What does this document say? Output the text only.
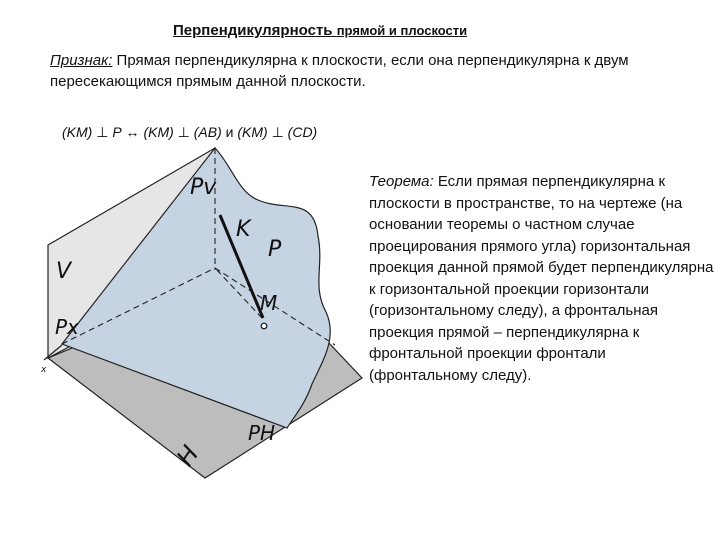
Pv
K
P
V
M
Px
x
PH
H
Перпендикулярность прямой и плоскости

Признак: Прямая перпендикулярна к плоскости, если она перпендикулярна к двум пересекающимся прямым данной плоскости.

(KM) ⊥ P ↔ (KM) ⊥ (AB) и (KM) ⊥ (CD)

Теорема: Если прямая перпендикулярна к плоскости в пространстве, то на чертеже (на основании теоремы о частном случае проецирования прямого угла) горизонтальная проекция данной прямой будет перпендикулярна к горизонтальной проекции горизонтали (горизонтальному следу), а фронтальная проекция прямой – перпендикулярна к фронтальной проекции фронтали (фронтальному следу).
